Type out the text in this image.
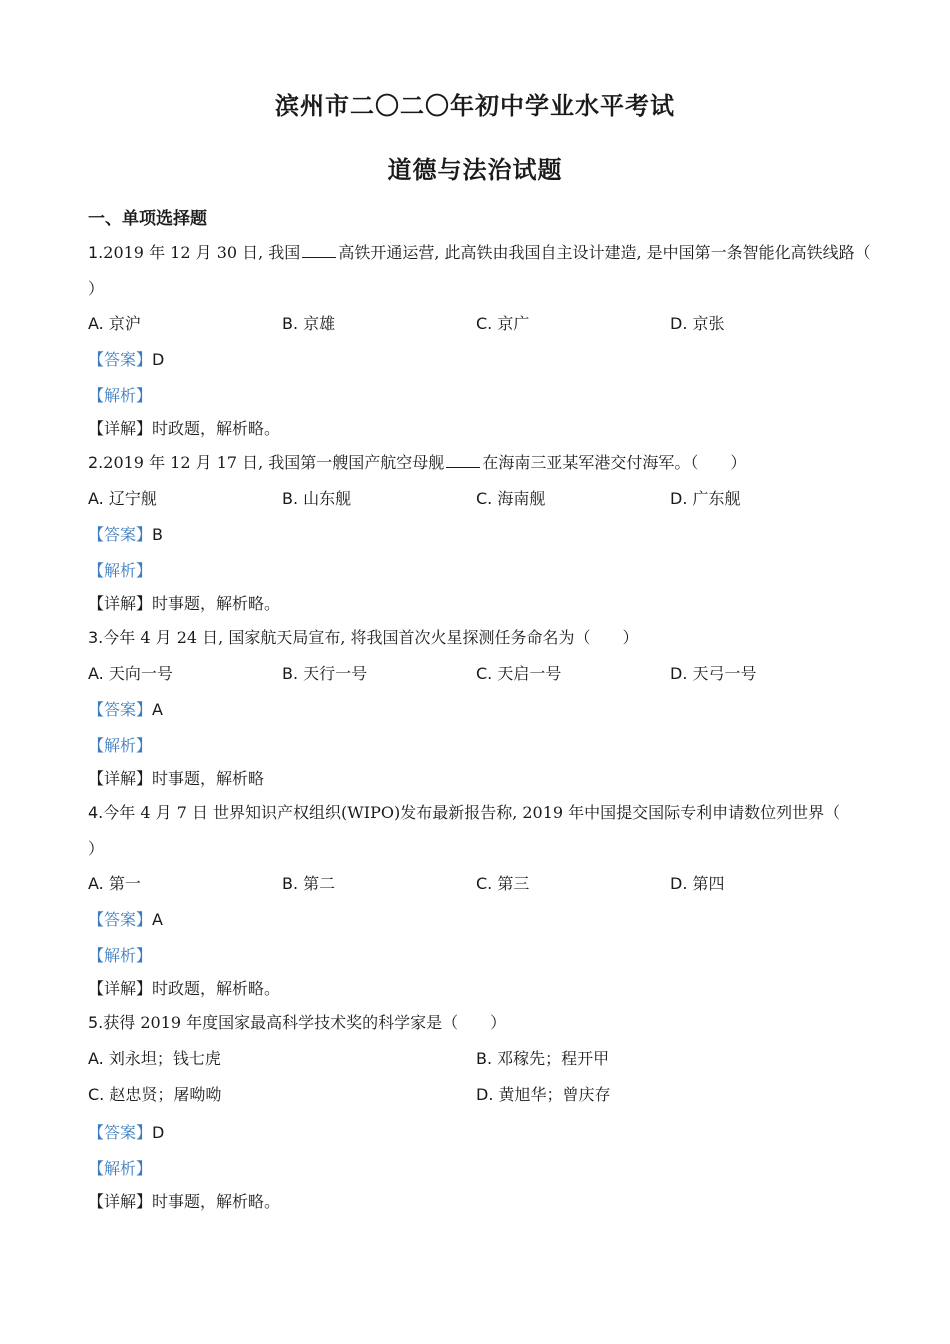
滨州市二〇二〇年初中学业水平考试
道德与法治试题
一、单项选择题
1.2019 年 12 月 30 日, 我国 高铁开通运营, 此高铁由我国自主设计建造, 是中国第一条智能化高铁线路（
）
A. 京沪	B. 京雄	C. 京广	D. 京张
【答案】D
【解析】
【详解】时政题，解析略。
2.2019 年 12 月 17 日, 我国第一艘国产航空母舰 在海南三亚某军港交付海军。（　　）
A. 辽宁舰	B. 山东舰	C. 海南舰	D. 广东舰
【答案】B
【解析】
【详解】时事题，解析略。
3.今年 4 月 24 日, 国家航天局宣布, 将我国首次火星探测任务命名为（　　）
A. 天向一号	B. 天行一号	C. 天启一号	D. 天弓一号
【答案】A
【解析】
【详解】时事题，解析略
4.今年 4 月 7 日 世界知识产权组织(WIPO)发布最新报告称, 2019 年中国提交国际专利申请数位列世界（
）
A. 第一	B. 第二	C. 第三	D. 第四
【答案】A
【解析】
【详解】时政题，解析略。
5.获得 2019 年度国家最高科学技术奖的科学家是（　　）
A. 刘永坦；钱七虎	B. 邓稼先；程开甲
C. 赵忠贤；屠呦呦	D. 黄旭华；曾庆存
【答案】D
【解析】
【详解】时事题，解析略。
